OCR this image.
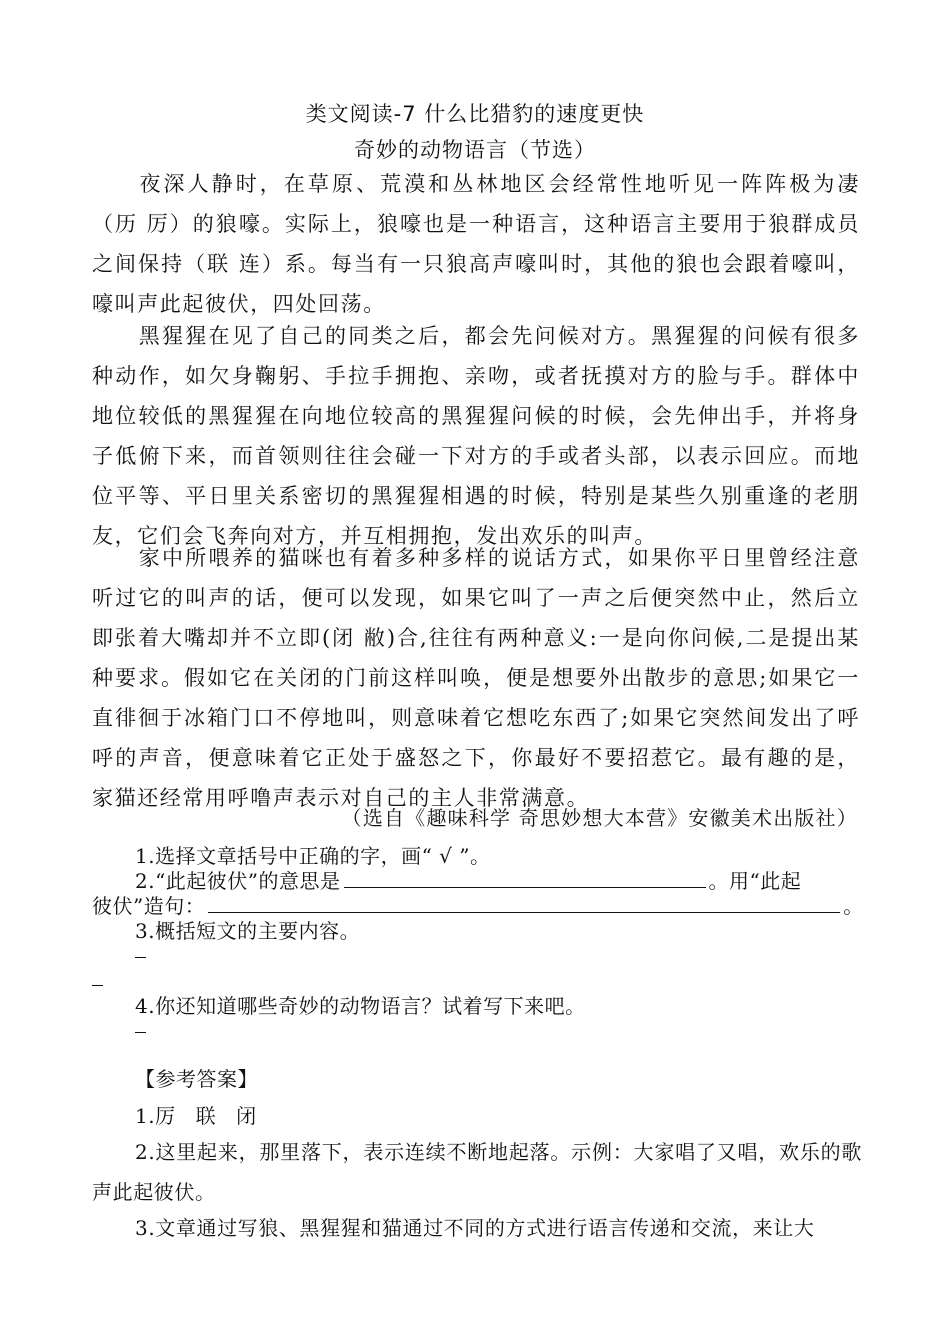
类文阅读-7 什么比猎豹的速度更快
奇妙的动物语言（节选）
夜深人静时，在草原、荒漠和丛林地区会经常性地听见一阵阵极为凄（历 厉）的狼嚎。实际上，狼嚎也是一种语言，这种语言主要用于狼群成员之间保持（联 连）系。每当有一只狼高声嚎叫时，其他的狼也会跟着嚎叫，嚎叫声此起彼伏，四处回荡。
黑猩猩在见了自己的同类之后，都会先问候对方。黑猩猩的问候有很多种动作，如欠身鞠躬、手拉手拥抱、亲吻，或者抚摸对方的脸与手。群体中地位较低的黑猩猩在向地位较高的黑猩猩问候的时候，会先伸出手，并将身子低俯下来，而首领则往往会碰一下对方的手或者头部，以表示回应。而地位平等、平日里关系密切的黑猩猩相遇的时候，特别是某些久别重逢的老朋友，它们会飞奔向对方，并互相拥抱，发出欢乐的叫声。
家中所喂养的猫咪也有着多种多样的说话方式，如果你平日里曾经注意听过它的叫声的话，便可以发现，如果它叫了一声之后便突然中止，然后立即张着大嘴却并不立即(闭 敝)合,往往有两种意义:一是向你问候,二是提出某种要求。假如它在关闭的门前这样叫唤，便是想要外出散步的意思;如果它一直徘徊于冰箱门口不停地叫，则意味着它想吃东西了;如果它突然间发出了呼呼的声音，便意味着它正处于盛怒之下，你最好不要招惹它。最有趣的是，家猫还经常用呼噜声表示对自己的主人非常满意。
（选自《趣味科学 奇思妙想大本营》安徽美术出版社）
1.选择文章括号中正确的字，画“ √ ”。
2.“此起彼伏”的意思是	。用“此起
彼伏”造句：	。
3.概括短文的主要内容。
4.你还知道哪些奇妙的动物语言？试着写下来吧。
【参考答案】
1.厉 联 闭
2.这里起来，那里落下，表示连续不断地起落。示例：大家唱了又唱，欢乐的歌声此起彼伏。
3.文章通过写狼、黑猩猩和猫通过不同的方式进行语言传递和交流，来让大
